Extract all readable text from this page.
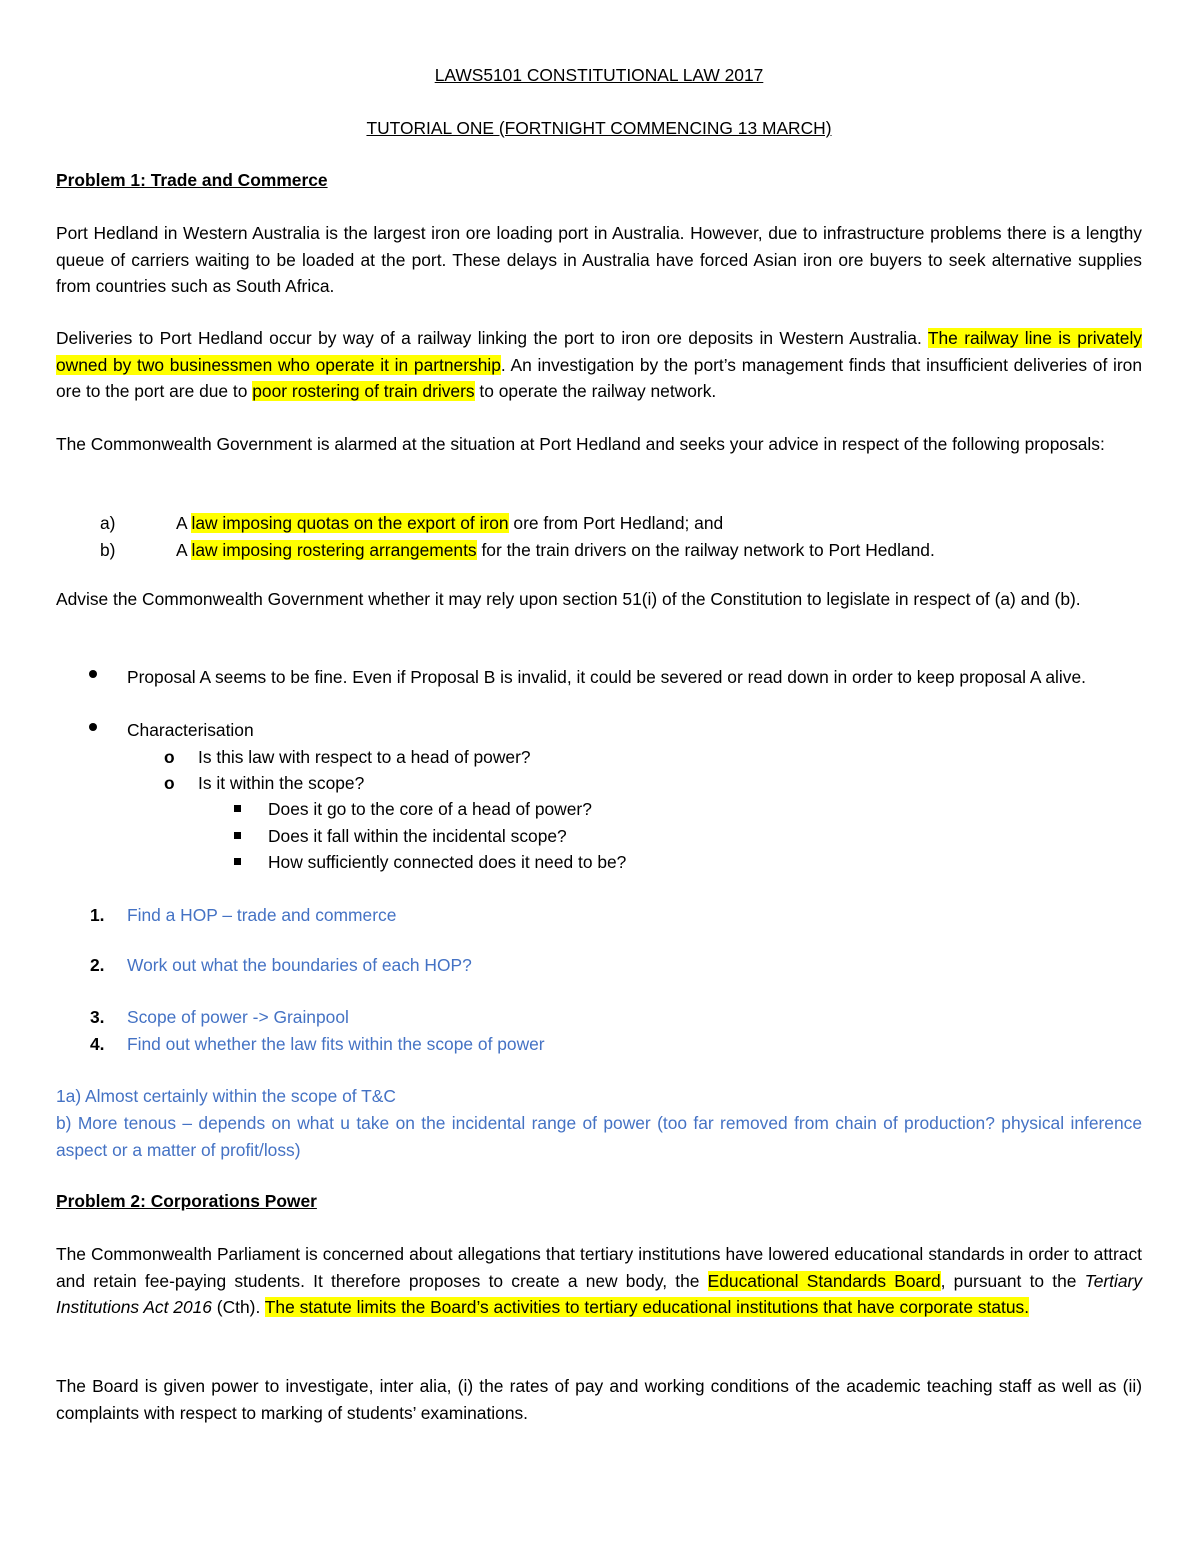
LAWS5101 CONSTITUTIONAL LAW 2017

TUTORIAL ONE (FORTNIGHT COMMENCING 13 MARCH)

Problem 1: Trade and Commerce

Port Hedland in Western Australia is the largest iron ore loading port in Australia. However, due to infrastructure problems there is a lengthy queue of carriers waiting to be loaded at the port. These delays in Australia have forced Asian iron ore buyers to seek alternative supplies from countries such as South Africa.

Deliveries to Port Hedland occur by way of a railway linking the port to iron ore deposits in Western Australia. The railway line is privately owned by two businessmen who operate it in partnership. An investigation by the port’s management finds that insufficient deliveries of iron ore to the port are due to poor rostering of train drivers to operate the railway network.

The Commonwealth Government is alarmed at the situation at Port Hedland and seeks your advice in respect of the following proposals:

a)	A law imposing quotas on the export of iron ore from Port Hedland; and
b)	A law imposing rostering arrangements for the train drivers on the railway network to Port Hedland.

Advise the Commonwealth Government whether it may rely upon section 51(i) of the Constitution to legislate in respect of (a) and (b).

Proposal A seems to be fine. Even if Proposal B is invalid, it could be severed or read down in order to keep proposal A alive.

Characterisation

o Is this law with respect to a head of power?

o Is it within the scope?

Does it go to the core of a head of power?

Does it fall within the incidental scope?

How sufficiently connected does it need to be?

1. Find a HOP – trade and commerce

2. Work out what the boundaries of each HOP?

3. Scope of power -> Grainpool

4. Find out whether the law fits within the scope of power

1a) Almost certainly within the scope of T&C

b) More tenous – depends on what u take on the incidental range of power (too far removed from chain of production? physical inference aspect or a matter of profit/loss)

Problem 2: Corporations Power

The Commonwealth Parliament is concerned about allegations that tertiary institutions have lowered educational standards in order to attract and retain fee-paying students. It therefore proposes to create a new body, the Educational Standards Board, pursuant to the Tertiary Institutions Act 2016 (Cth). The statute limits the Board’s activities to tertiary educational institutions that have corporate status.

The Board is given power to investigate, inter alia, (i) the rates of pay and working conditions of the academic teaching staff as well as (ii) complaints with respect to marking of students’ examinations.
